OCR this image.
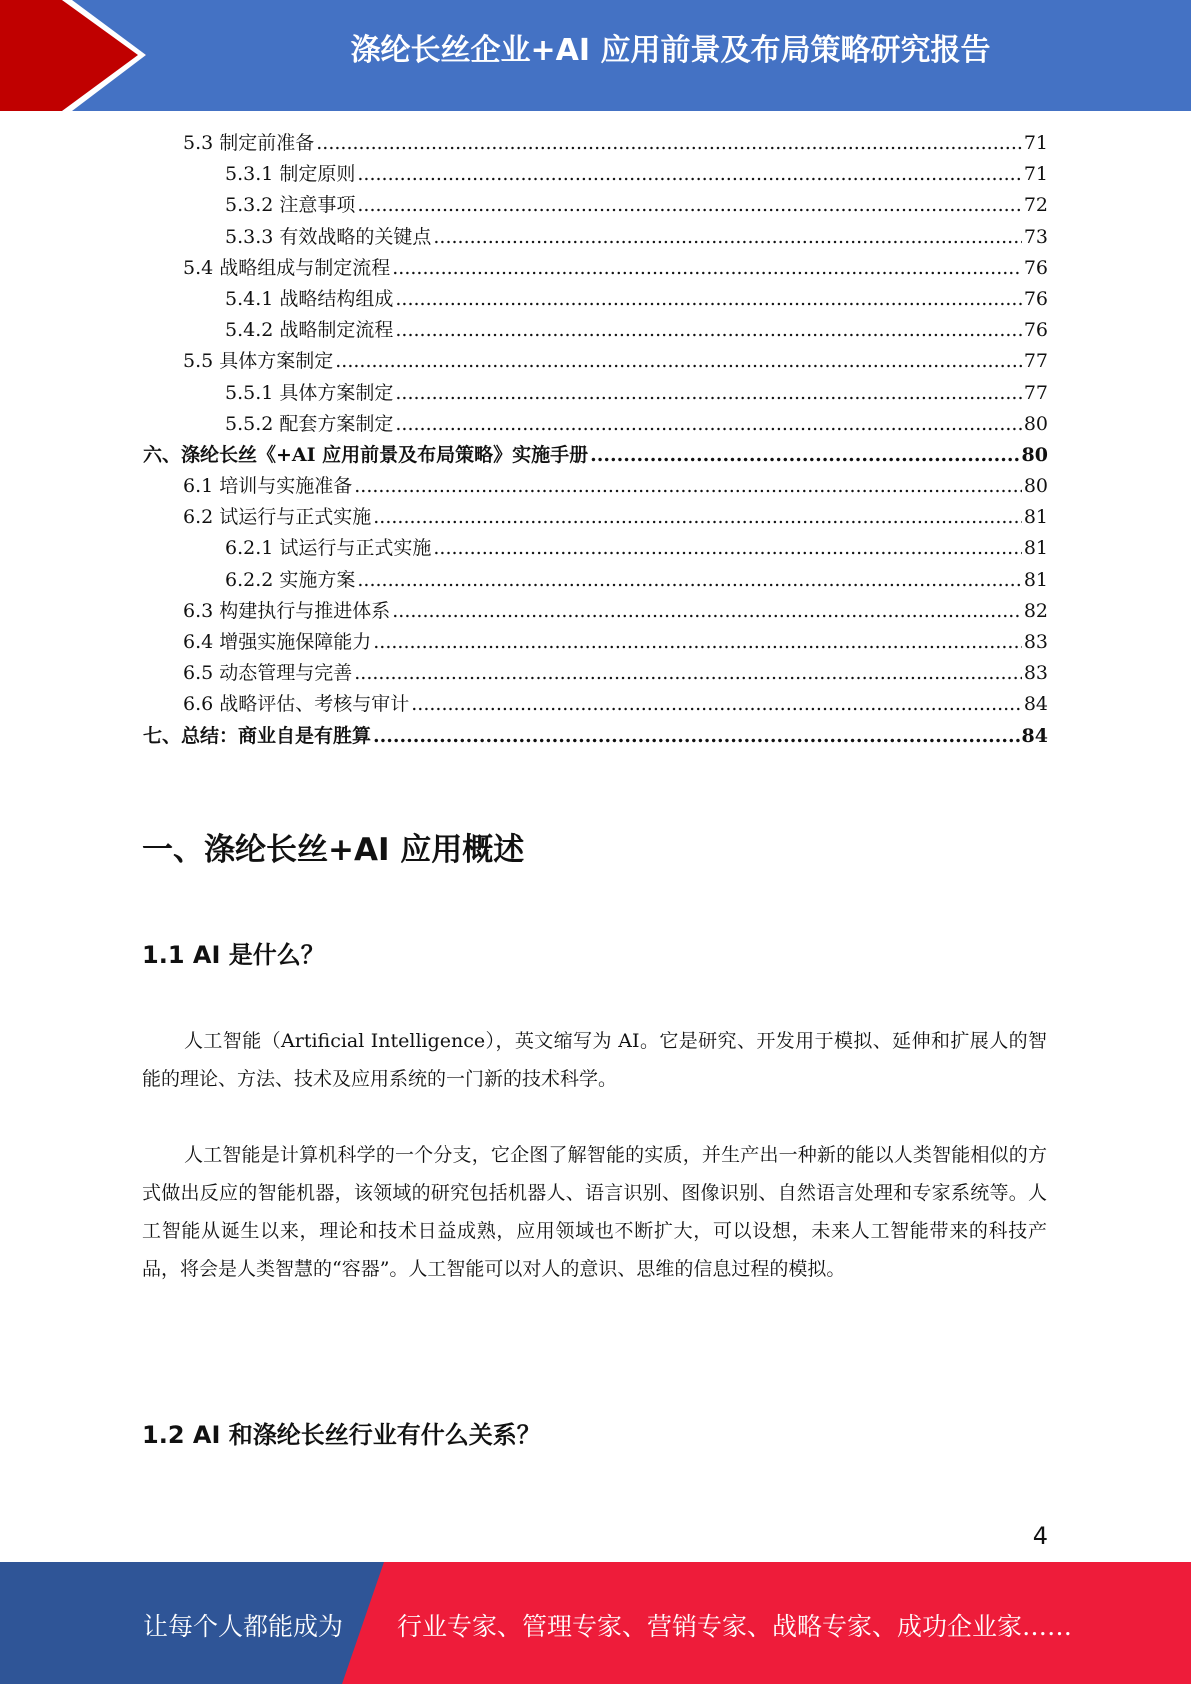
涤纶长丝企业+AI 应用前景及布局策略研究报告
5.3 制定前准备 .....	71
5.3.1 制定原则 .....	71
5.3.2 注意事项 .....	72
5.3.3 有效战略的关键点 .....	73
5.4 战略组成与制定流程 .....	76
5.4.1 战略结构组成 .....	76
5.4.2 战略制定流程 .....	76
5.5 具体方案制定 .....	77
5.5.1 具体方案制定 .....	77
5.5.2 配套方案制定 .....	80
六、涤纶长丝《+AI 应用前景及布局策略》实施手册 .....	80
6.1 培训与实施准备 .....	80
6.2 试运行与正式实施 .....	81
6.2.1 试运行与正式实施 .....	81
6.2.2 实施方案 .....	81
6.3 构建执行与推进体系 .....	82
6.4 增强实施保障能力 .....	83
6.5 动态管理与完善 .....	83
6.6 战略评估、考核与审计 .....	84
七、总结：商业自是有胜算 .....	84
一、涤纶长丝+AI 应用概述
1.1 AI 是什么？
人工智能（Artificial Intelligence），英文缩写为 AI。它是研究、开发用于模拟、延伸和扩展人的智能的理论、方法、技术及应用系统的一门新的技术科学。
人工智能是计算机科学的一个分支，它企图了解智能的实质，并生产出一种新的能以人类智能相似的方式做出反应的智能机器，该领域的研究包括机器人、语言识别、图像识别、自然语言处理和专家系统等。人工智能从诞生以来，理论和技术日益成熟，应用领域也不断扩大，可以设想，未来人工智能带来的科技产品，将会是人类智慧的“容器”。人工智能可以对人的意识、思维的信息过程的模拟。
1.2 AI 和涤纶长丝行业有什么关系？
4
让每个人都能成为 行业专家、管理专家、营销专家、战略专家、成功企业家……
